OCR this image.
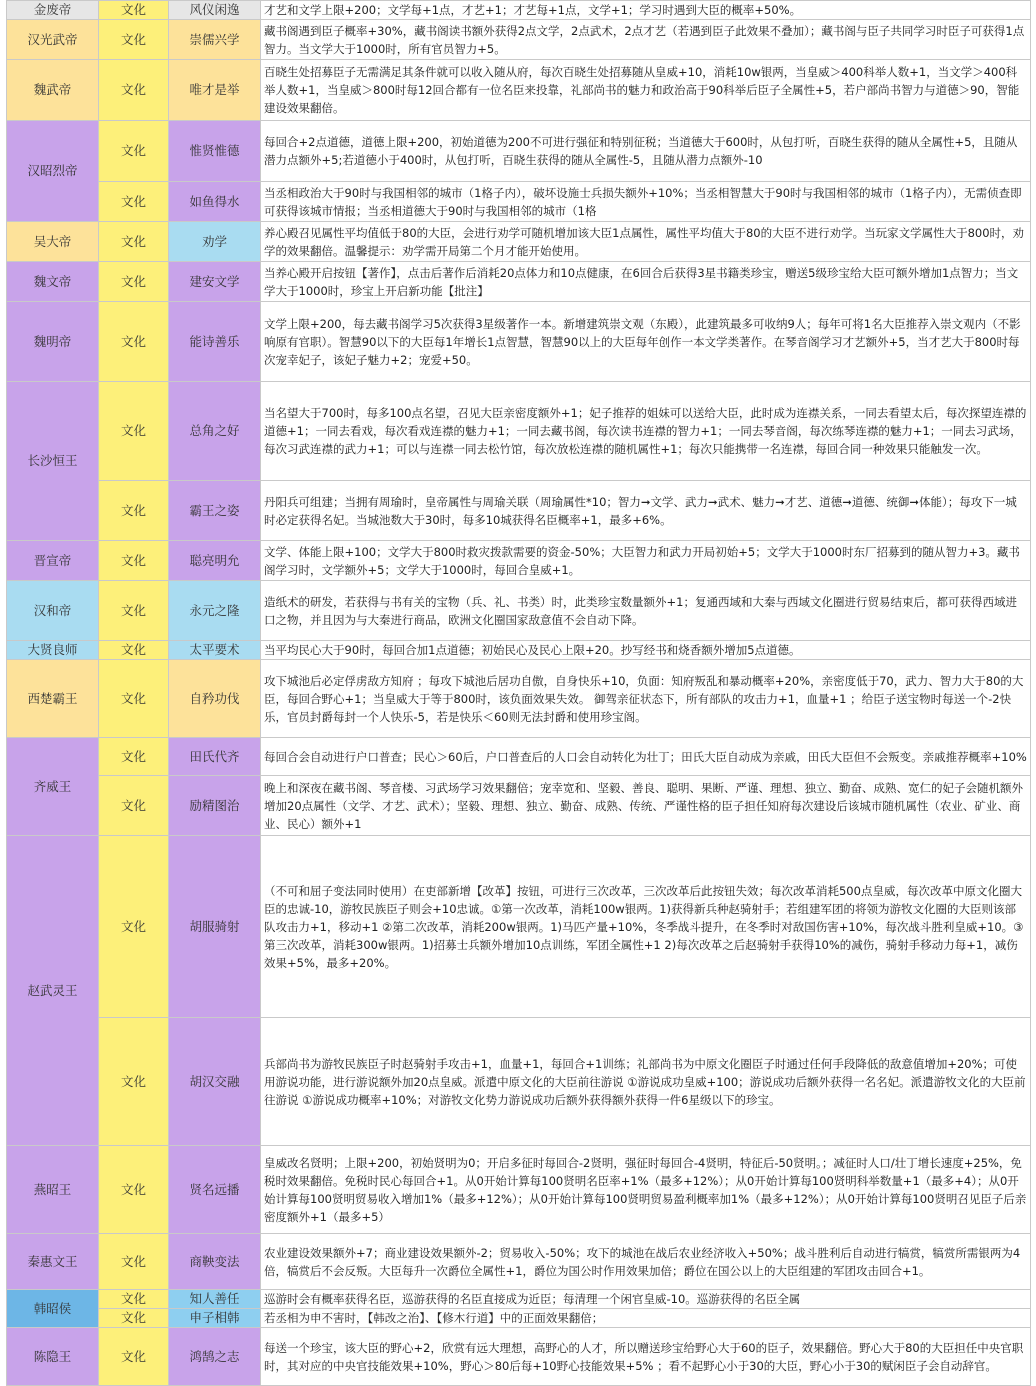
金废帝	文化	风仪闲逸	才艺和文学上限+200；文学每+1点，才艺+1；才艺每+1点，文学+1；学习时遇到大臣的概率+50%。
汉光武帝	文化	崇儒兴学	藏书阁遇到臣子概率+30%，藏书阁读书额外获得2点文学，2点武术，2点才艺（若遇到臣子此效果不叠加）；藏书阁与臣子共同学习时臣子可获得1点智力。当文学大于1000时，所有官员智力+5。
魏武帝	文化	唯才是举	百晓生处招募臣子无需满足其条件就可以收入随从府，每次百晓生处招募随从皇威+10，消耗10w银两，当皇威＞400科举人数+1，当文学＞400科举人数+1，当皇威＞800时每12回合都有一位名臣来投靠，礼部尚书的魅力和政治高于90科举后臣子全属性+5，若户部尚书智力与道德＞90，智能建设效果翻倍。
汉昭烈帝	文化	惟贤惟德	每回合+2点道德，道德上限+200，初始道德为200不可进行强征和特别征税；当道德大于600时，从包打听，百晓生获得的随从全属性+5，且随从潜力点额外+5;若道德小于400时，从包打听，百晓生获得的随从全属性-5，且随从潜力点额外-10
	文化	如鱼得水	当丞相政治大于90时与我国相邻的城市（1格子内），破坏设施士兵损失额外+10%；当丞相智慧大于90时与我国相邻的城市（1格子内），无需侦查即可获得该城市情报；当丞相道德大于90时与我国相邻的城市（1格
吴大帝	文化	劝学	养心殿召见属性平均值低于80的大臣，会进行劝学可随机增加该大臣1点属性，属性平均值大于80的大臣不进行劝学。当玩家文学属性大于800时，劝学的效果翻倍。温馨提示：劝学需开局第二个月才能开始使用。
魏文帝	文化	建安文学	当养心殿开启按钮【著作】，点击后著作后消耗20点体力和10点健康，在6回合后获得3星书籍类珍宝，赠送5级珍宝给大臣可额外增加1点智力；当文学大于1000时，珍宝上开启新功能【批注】
魏明帝	文化	能诗善乐	文学上限+200，每去藏书阁学习5次获得3星级著作一本。新增建筑崇文观（东殿），此建筑最多可收纳9人；每年可将1名大臣推荐入崇文观内（不影响原有官职）。智慧90以下的大臣每1年增长1点智慧，智慧90以上的大臣每年创作一本文学类著作。在琴音阁学习才艺额外+5，当才艺大于800时每次宠幸妃子，该妃子魅力+2；宠爱+50。
长沙恒王	文化	总角之好	当名望大于700时，每多100点名望，召见大臣亲密度额外+1；妃子推荐的姐妹可以送给大臣，此时成为连襟关系，一同去看望太后，每次探望连襟的道德+1；一同去看戏，每次看戏连襟的魅力+1；一同去藏书阁，每次读书连襟的智力+1；一同去琴音阁，每次练琴连襟的魅力+1；一同去习武场，每次习武连襟的武力+1；可以与连襟一同去松竹馆，每次放松连襟的随机属性+1；每次只能携带一名连襟，每回合同一种效果只能触发一次。
	文化	霸王之姿	丹阳兵可组建；当拥有周瑜时，皇帝属性与周瑜关联（周瑜属性*10；智力➞文学、武力➞武术、魅力➞才艺、道德➞道德、统御➞体能）；每攻下一城时必定获得名妃。当城池数大于30时，每多10城获得名臣概率+1，最多+6%。
晋宣帝	文化	聪亮明允	文学、体能上限+100；文学大于800时救灾拨款需要的资金-50%；大臣智力和武力开局初始+5；文学大于1000时东厂招募到的随从智力+3。藏书阁学习时，文学额外+5；文学大于1000时，每回合皇威+1。
汉和帝	文化	永元之隆	造纸术的研发，若获得与书有关的宝物（兵、礼、书类）时，此类珍宝数量额外+1；复通西域和大秦与西域文化圈进行贸易结束后，都可获得西域进口之物，并且因为与大秦进行商品，欧洲文化圈国家敌意值不会自动下降。
大贤良师	文化	太平要术	当平均民心大于90时，每回合加1点道德；初始民心及民心上限+20。抄写经书和烧香额外增加5点道德。
西楚霸王	文化	自矜功伐	攻下城池后必定俘虏敌方知府 ；每攻下城池后居功自傲，自身快乐+10，负面：知府叛乱和暴动概率+20%，亲密度低于70，武力、智力大于80的大臣，每回合野心+1；当皇威大于等于800时，该负面效果失效。 御驾亲征状态下，所有部队的攻击力+1，血量+1 ；给臣子送宝物时每送一个-2快乐，官员封爵每封一个人快乐-5，若是快乐＜60则无法封爵和使用珍宝阁。
齐威王	文化	田氏代齐	每回合会自动进行户口普查；民心＞60后，户口普查后的人口会自动转化为壮丁；田氏大臣自动成为亲戚，田氏大臣但不会叛变。亲戚推荐概率+10%
	文化	励精图治	晚上和深夜在藏书阁、琴音楼、习武场学习效果翻倍；宠幸宽和、坚毅、善良、聪明、果断、严谨、理想、独立、勤奋、成熟、宽仁的妃子会随机额外增加20点属性（文学、才艺、武术）；坚毅、理想、独立、勤奋、成熟、传统、严谨性格的臣子担任知府每次建设后该城市随机属性（农业、矿业、商业、民心）额外+1
赵武灵王	文化	胡服骑射	（不可和屈子变法同时使用）在吏部新增【改革】按钮，可进行三次改革，三次改革后此按钮失效；每次改革消耗500点皇威，每次改革中原文化圈大臣的忠诚-10，游牧民族臣子则会+10忠诚。①第一次改革，消耗100w银两。1)获得新兵种赵骑射手；若组建军团的将领为游牧文化圈的大臣则该部队攻击力+1，移动+1 ②第二次改革，消耗200w银两。1)马匹产量+10%，冬季战斗提升，在冬季时对敌国伤害+10%，每次战斗胜利皇威+10。③第三次改革，消耗300w银两。1)招募士兵额外增加10点训练，军团全属性+1 2)每次改革之后赵骑射手获得10%的减伤，骑射手移动力每+1，减伤效果+5%，最多+20%。
	文化	胡汉交融	兵部尚书为游牧民族臣子时赵骑射手攻击+1，血量+1，每回合+1训练；礼部尚书为中原文化圈臣子时通过任何手段降低的敌意值增加+20%；可使用游说功能，进行游说额外加20点皇威。派遣中原文化的大臣前往游说 ①游说成功皇威+100；游说成功后额外获得一名名妃。派遣游牧文化的大臣前往游说 ①游说成功概率+10%；对游牧文化势力游说成功后额外获得额外获得一件6星级以下的珍宝。
燕昭王	文化	贤名远播	皇威改名贤明；上限+200，初始贤明为0；开启多征时每回合-2贤明，强征时每回合-4贤明，特征后-50贤明。；减征时人口/壮丁增长速度+25%，免税时效果翻倍。免税时民心每回合+1。从0开始计算每100贤明名臣率+1%（最多+12%）；从0开始计算每100贤明科举数量+1（最多+4）；从0开始计算每100贤明贸易收入增加1%（最多+12%）；从0开始计算每100贤明贸易盈利概率加1%（最多+12%）；从0开始计算每100贤明召见臣子后亲密度额外+1（最多+5）
秦惠文王	文化	商鞅变法	农业建设效果额外+7；商业建设效果额外-2；贸易收入-50%；攻下的城池在战后农业经济收入+50%；战斗胜利后自动进行犒赏，犒赏所需银两为4倍，犒赏后不会反叛。大臣每升一次爵位全属性+1，爵位为国公时作用效果加倍；爵位在国公以上的大臣组建的军团攻击回合+1。
韩昭侯	文化	知人善任	巡游时会有概率获得名臣，巡游获得的名臣直接成为近臣；每清理一个闲官皇威-10。巡游获得的名臣全属
	文化	申子相韩	若丞相为申不害时，【韩改之治】、【修木行道】中的正面效果翻倍；
陈隐王	文化	鸿鹄之志	每送一个珍宝，该大臣的野心+2，欣赏有远大理想，高野心的人才，所以赠送珍宝给野心大于60的臣子，效果翻倍。野心大于80的大臣担任中央官职时，其对应的中央官技能效果+10%，野心＞80后每+10野心技能效果+5% ；看不起野心小于30的大臣，野心小于30的赋闲臣子会自动辞官。
